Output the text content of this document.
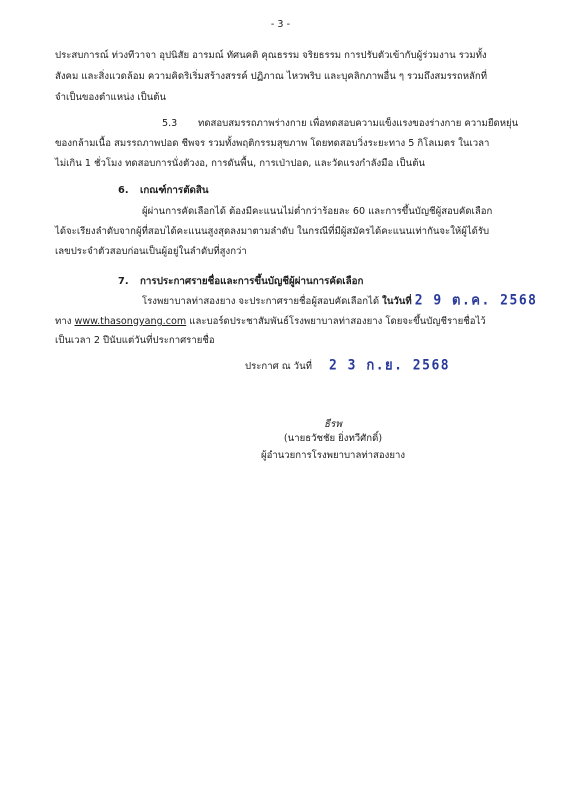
- 3 -
ประสบการณ์ ท่วงทีวาจา อุปนิสัย อารมณ์ ทัศนคติ คุณธรรม จริยธรรม การปรับตัวเข้ากับผู้ร่วมงาน รวมทั้ง
สังคม และสิ่งแวดล้อม ความคิดริเริ่มสร้างสรรค์ ปฏิภาณ ไหวพริบ และบุคลิกภาพอื่น ๆ รวมถึงสมรรถหลักที่
จำเป็นของตำแหน่ง เป็นต้น
5.3 ทดสอบสมรรถภาพร่างกาย เพื่อทดสอบความแข็งแรงของร่างกาย ความยืดหยุ่น
ของกล้ามเนื้อ สมรรถภาพปอด ชีพจร รวมทั้งพฤติกรรมสุขภาพ โดยทดสอบวิ่งระยะทาง 5 กิโลเมตร ในเวลา
ไม่เกิน 1 ชั่วโมง ทดสอบการนั่งตัวงอ, การดันพื้น, การเป่าปอด, และวัดแรงกำลังมือ เป็นต้น
6. เกณฑ์การตัดสิน
ผู้ผ่านการคัดเลือกได้ ต้องมีคะแนนไม่ต่ำกว่าร้อยละ 60 และการขึ้นบัญชีผู้สอบคัดเลือก
ได้จะเรียงลำดับจากผู้ที่สอบได้คะแนนสูงสุดลงมาตามลำดับ ในกรณีที่มีผู้สมัครได้คะแนนเท่ากันจะให้ผู้ได้รับ
เลขประจำตัวสอบก่อนเป็นผู้อยู่ในลำดับที่สูงกว่า
7. การประกาศรายชื่อและการขึ้นบัญชีผู้ผ่านการคัดเลือก
โรงพยาบาลท่าสองยาง จะประกาศรายชื่อผู้สอบคัดเลือกได้ ในวันที่ 2 9 ต.ค. 2568
ทาง www.thasongyang.com และบอร์ดประชาสัมพันธ์โรงพยาบาลท่าสองยาง โดยจะขึ้นบัญชีรายชื่อไว้
เป็นเวลา 2 ปีนับแต่วันที่ประกาศรายชื่อ
ประกาศ ณ วันที่ 2 3 ก.ย. 2568
ธีรพ
(นายธวัชชัย ยิ่งทวีศักดิ์)
ผู้อำนวยการโรงพยาบาลท่าสองยาง
